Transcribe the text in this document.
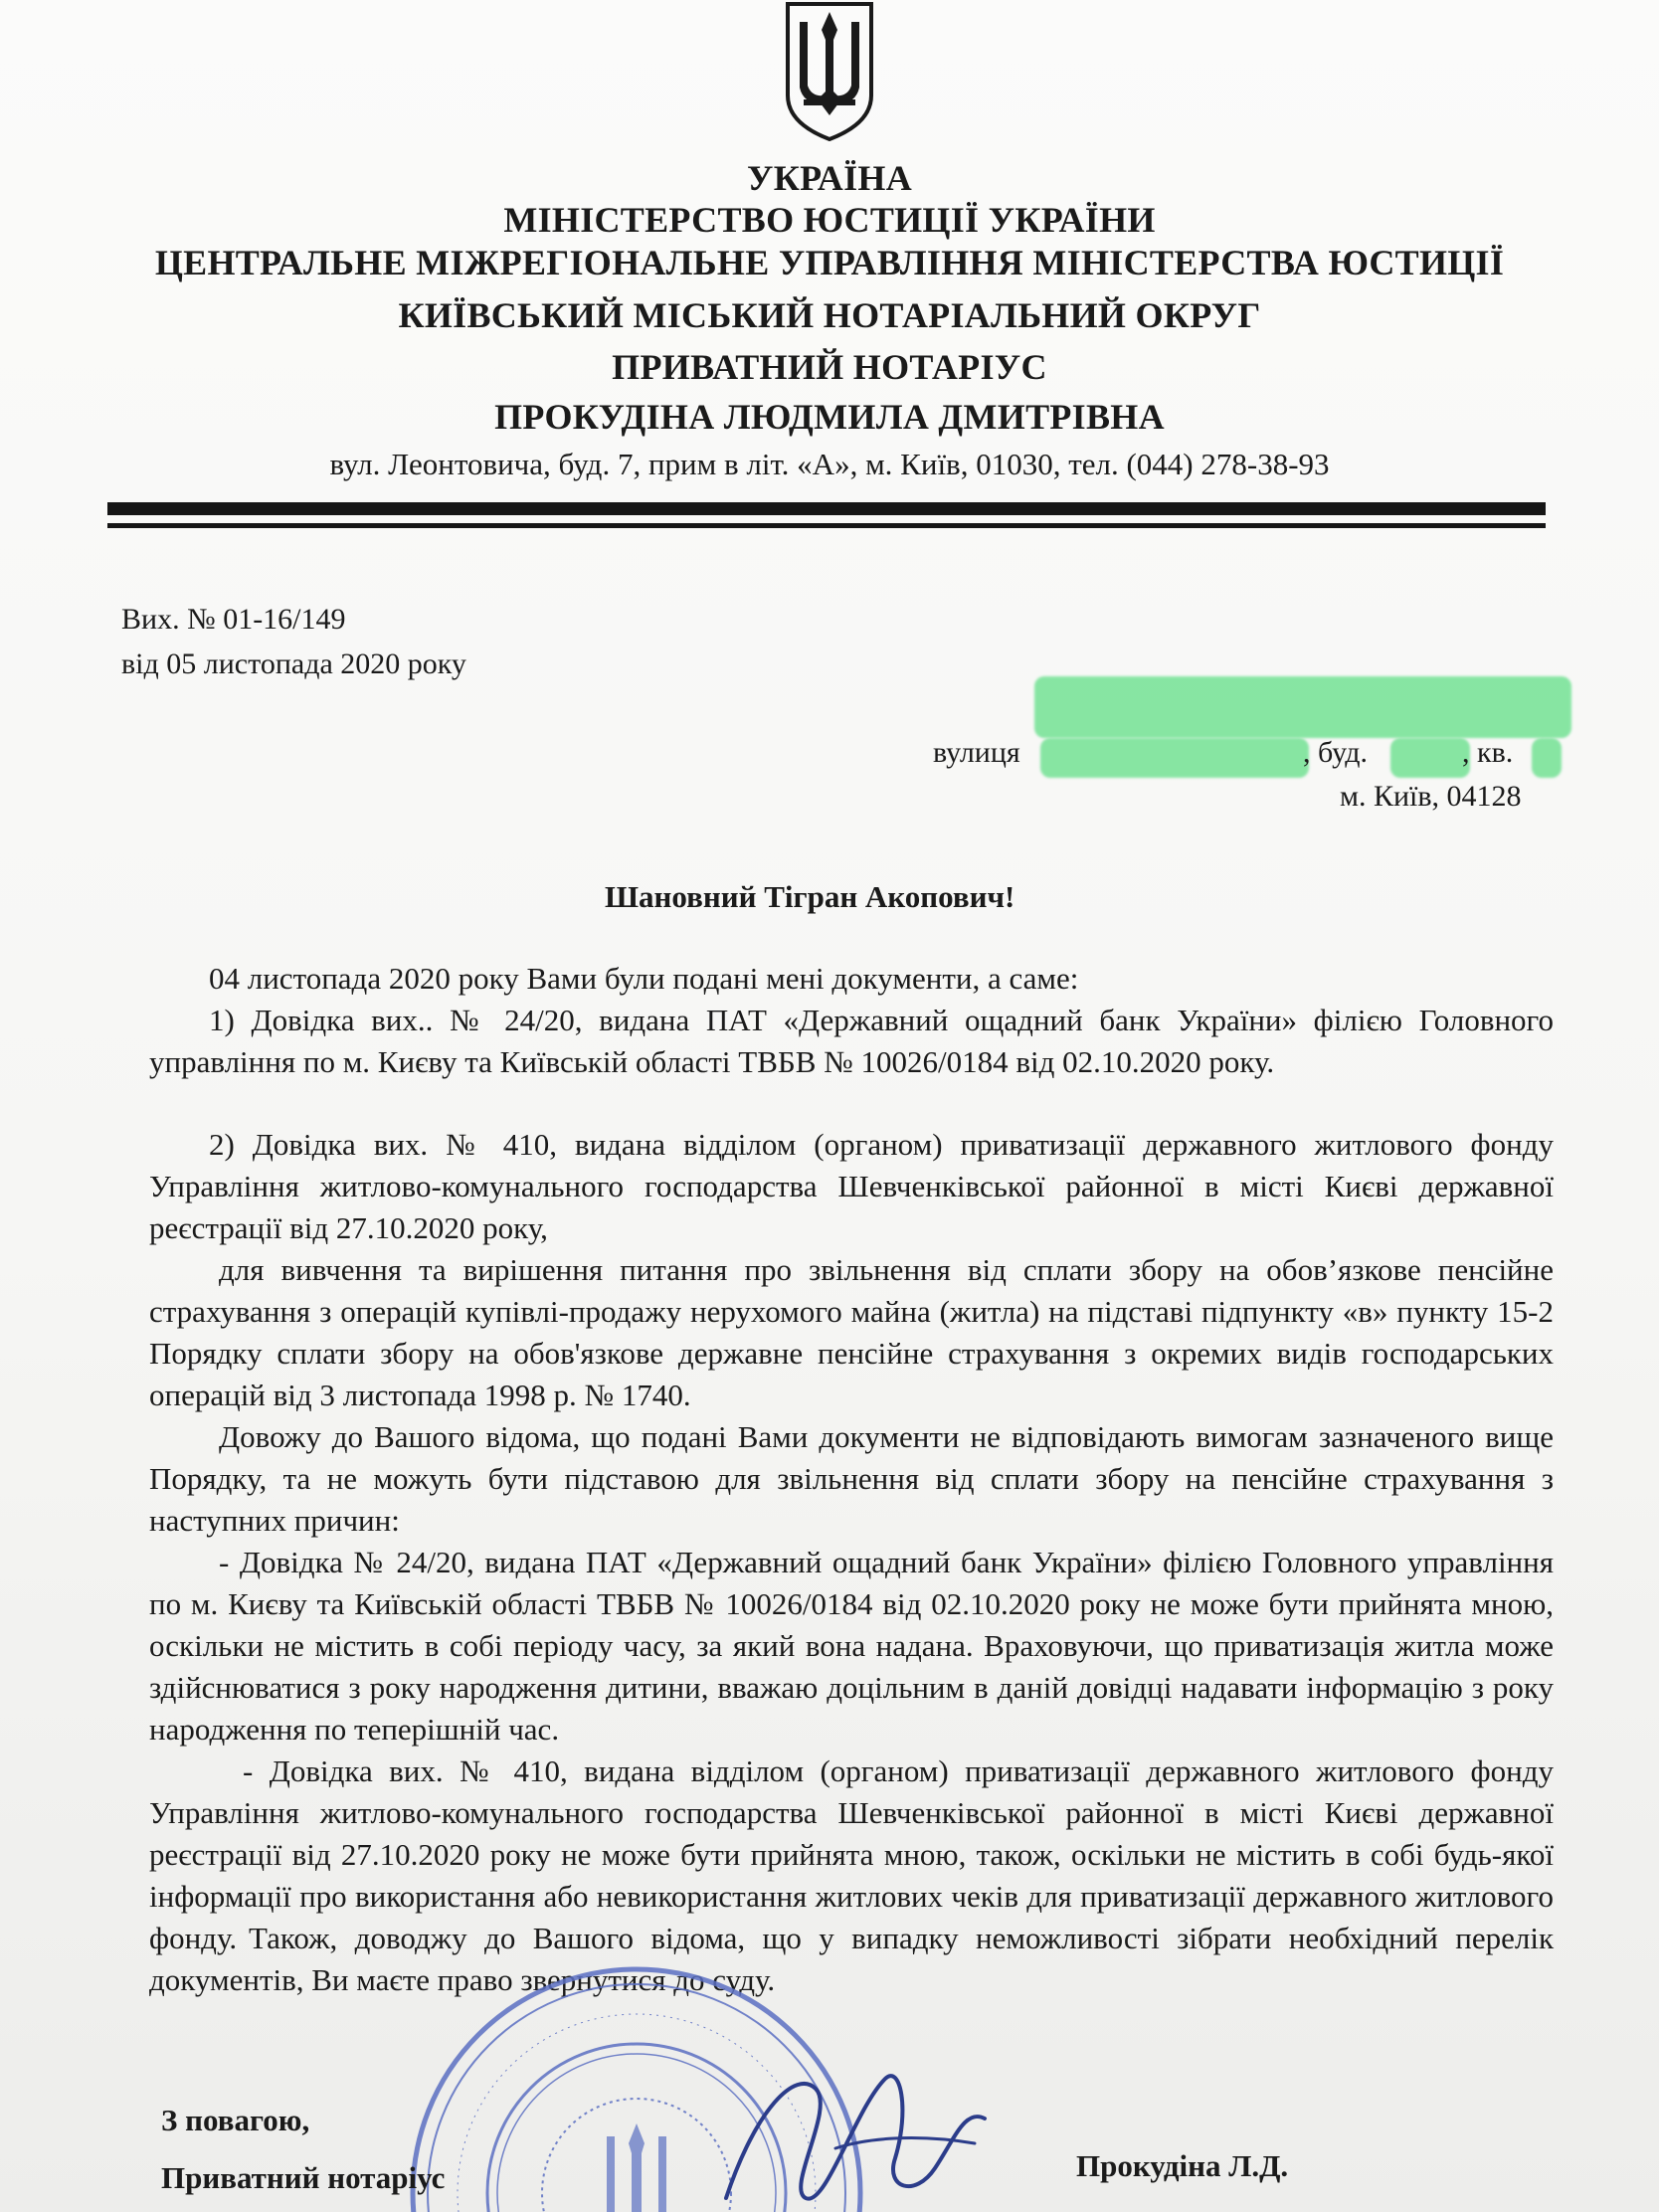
УКРАЇНА
МІНІСТЕРСТВО ЮСТИЦІЇ УКРАЇНИ
ЦЕНТРАЛЬНЕ МІЖРЕГІОНАЛЬНЕ УПРАВЛІННЯ МІНІСТЕРСТВА ЮСТИЦІЇ
КИЇВСЬКИЙ МІСЬКИЙ НОТАРІАЛЬНИЙ ОКРУГ
ПРИВАТНИЙ НОТАРІУС
ПРОКУДІНА ЛЮДМИЛА ДМИТРІВНА
вул. Леонтовича, буд. 7, прим в літ. «А», м. Київ, 01030, тел. (044) 278-38-93
Вих. № 01-16/149
від 05 листопада 2020 року
вулиця	, буд.	, кв.
м. Київ, 04128
Шановний Тігран Акопович!
04 листопада 2020 року Вами були подані мені документи, а саме:
1) Довідка вих.. № 24/20, видана ПАТ «Державний ощадний банк України» філією Головного управління по м. Києву та Київській області ТВБВ № 10026/0184 від 02.10.2020 року.
2) Довідка вих. № 410, видана відділом (органом) приватизації державного житлового фонду Управління житлово-комунального господарства Шевченківської районної в місті Києві державної реєстрації від 27.10.2020 року,
для вивчення та вирішення питання про звільнення від сплати збору на обов’язкове пенсійне страхування з операцій купівлі-продажу нерухомого майна (житла) на підставі підпункту «в» пункту 15-2 Порядку сплати збору на обов'язкове державне пенсійне страхування з окремих видів господарських операцій від 3 листопада 1998 р. № 1740.
Довожу до Вашого відома, що подані Вами документи не відповідають вимогам зазначеного вище Порядку, та не можуть бути підставою для звільнення від сплати збору на пенсійне страхування з наступних причин:
- Довідка № 24/20, видана ПАТ «Державний ощадний банк України» філією Головного управління по м. Києву та Київській області ТВБВ № 10026/0184 від 02.10.2020 року не може бути прийнята мною, оскільки не містить в собі періоду часу, за який вона надана. Враховуючи, що приватизація житла може здійснюватися з року народження дитини, вважаю доцільним в даній довідці надавати інформацію з року народження по теперішній час.
- Довідка вих. № 410, видана відділом (органом) приватизації державного житлового фонду Управління житлово-комунального господарства Шевченківської районної в місті Києві державної реєстрації від 27.10.2020 року не може бути прийнята мною, також, оскільки не містить в собі будь-якої інформації про використання або невикористання житлових чеків для приватизації державного житлового фонду. Також, доводжу до Вашого відома, що у випадку неможливості зібрати необхідний перелік документів, Ви маєте право звернутися до суду.
З повагою,
Приватний нотаріус	Прокудіна Л.Д.
